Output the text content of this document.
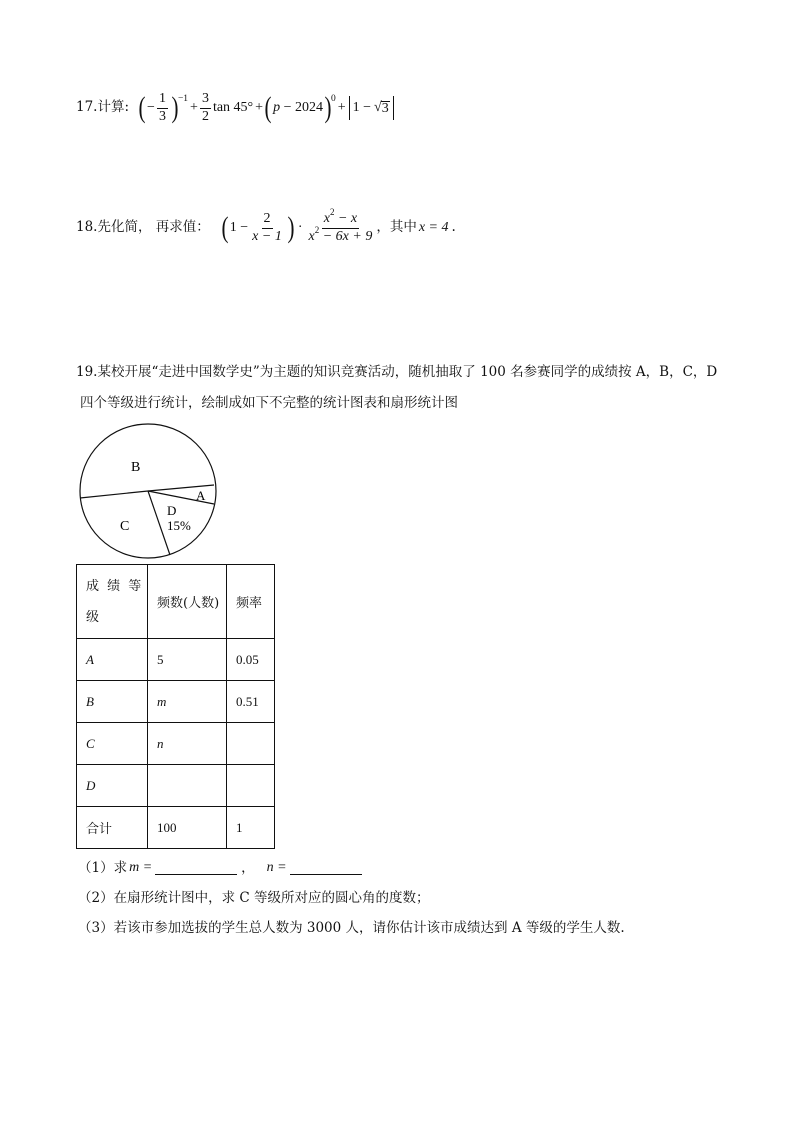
17.计算: ( − $\frac{1}{3}$ ) −1
+ $\frac{3}{2}$ tan 45° + ( p − 2024 ) 0
+ 1 − √ 3
18.先化简， 再求值： ( $1 - \frac{2}{x - 1}$ ) · $\frac{x^2 - x}{x^2 - 6x + 9}$ ，其中 x = 4 .
19.某校开展“走进中国数学史”为主题的知识竞赛活动，随机抽取了 100 名参赛同学的成绩按 A，B，C，D
四个等级进行统计，绘制成如下不完整的统计图表和扇形统计图
B
A
C
D
15%
成 绩 等
级	频数(人数)	频率
A	5	0.05
B	m	0.51
C	n	
D		
合计	100	1
（1）求 m =	， n =
（2）在扇形统计图中，求 C 等级所对应的圆心角的度数；
（3）若该市参加选拔的学生总人数为 3000 人，请你估计该市成绩达到 A 等级的学生人数.
